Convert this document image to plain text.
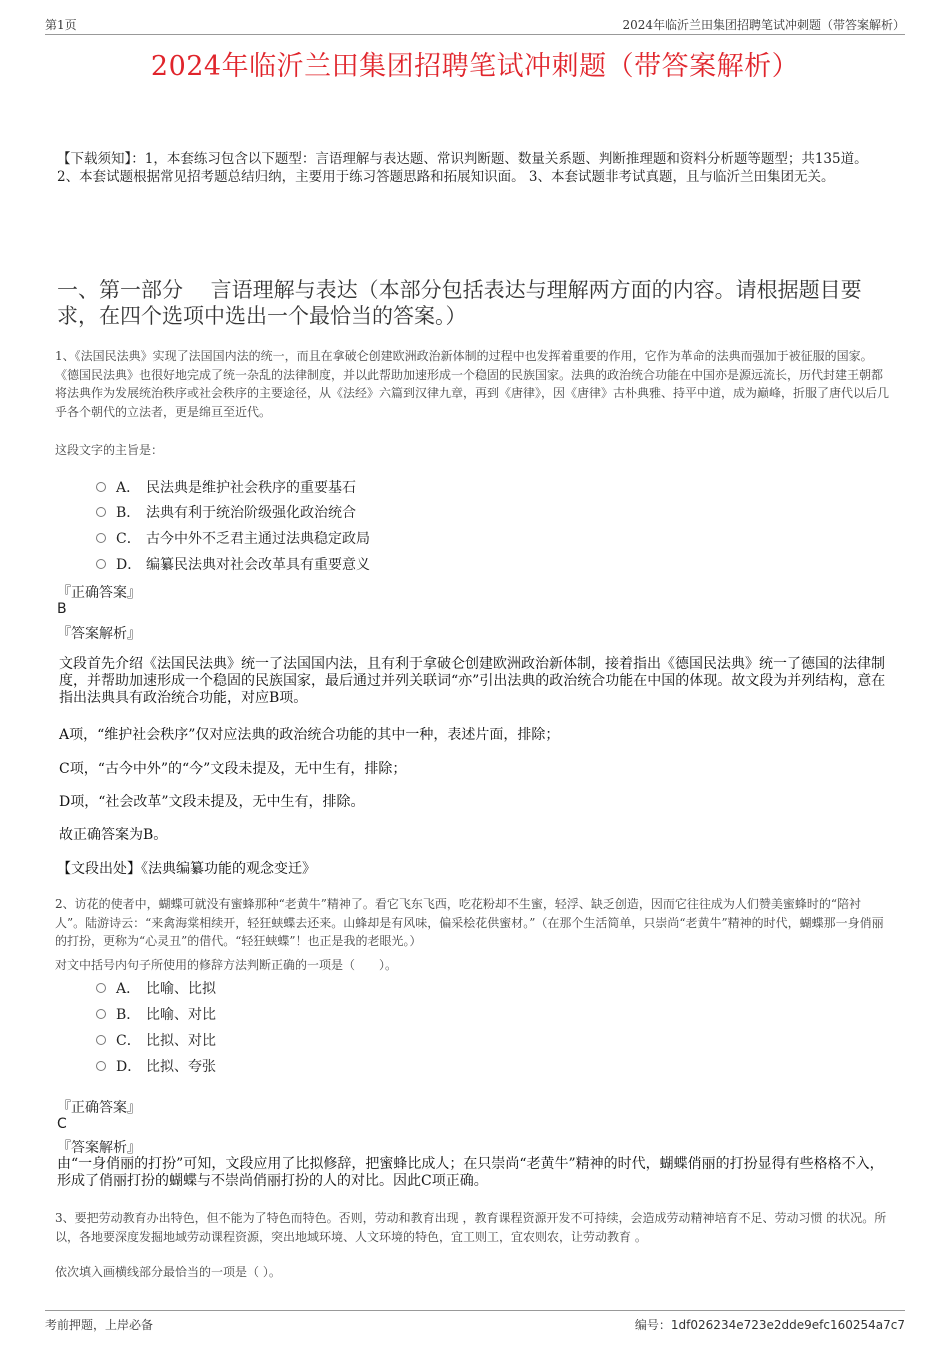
第1页	2024年临沂兰田集团招聘笔试冲刺题（带答案解析）
2024年临沂兰田集团招聘笔试冲刺题（带答案解析）
【下载须知】：1，本套练习包含以下题型：言语理解与表达题、常识判断题、数量关系题、判断推理题和资料分析题等题型；共135道。 2、本套试题根据常见招考题总结归纳，主要用于练习答题思路和拓展知识面。 3、本套试题非考试真题，且与临沂兰田集团无关。
一、第一部分　 言语理解与表达（本部分包括表达与理解两方面的内容。请根据题目要求，在四个选项中选出一个最恰当的答案。）
1、《法国民法典》实现了法国国内法的统一，而且在拿破仑创建欧洲政治新体制的过程中也发挥着重要的作用，它作为革命的法典而强加于被征服的国家。《德国民法典》也很好地完成了统一杂乱的法律制度，并以此帮助加速形成一个稳固的民族国家。法典的政治统合功能在中国亦是源远流长，历代封建王朝都将法典作为发展统治秩序或社会秩序的主要途径，从《法经》六篇到汉律九章，再到《唐律》，因《唐律》古朴典雅、持平中道，成为巅峰，折服了唐代以后几乎各个朝代的立法者，更是绵亘至近代。
这段文字的主旨是：
A． 民法典是维护社会秩序的重要基石
B． 法典有利于统治阶级强化政治统合
C． 古今中外不乏君主通过法典稳定政局
D． 编纂民法典对社会改革具有重要意义
『正确答案』
B
『答案解析』
文段首先介绍《法国民法典》统一了法国国内法，且有利于拿破仑创建欧洲政治新体制，接着指出《德国民法典》统一了德国的法律制度，并帮助加速形成一个稳固的民族国家，最后通过并列关联词“亦”引出法典的政治统合功能在中国的体现。故文段为并列结构，意在指出法典具有政治统合功能，对应B项。
A项，“维护社会秩序”仅对应法典的政治统合功能的其中一种，表述片面，排除；
C项，“古今中外”的“今”文段未提及，无中生有，排除；
D项，“社会改革”文段未提及，无中生有，排除。
故正确答案为B。
【文段出处】《法典编纂功能的观念变迁》
2、访花的使者中，蝴蝶可就没有蜜蜂那种“老黄牛”精神了。看它飞东飞西，吃花粉却不生蜜，轻浮、缺乏创造，因而它往往成为人们赞美蜜蜂时的“陪衬人”。陆游诗云：“来禽海棠相续开，轻狂蛱蝶去还来。山蜂却是有风味，偏采桧花供蜜材。”（在那个生活简单，只崇尚“老黄牛”精神的时代，蝴蝶那一身俏丽的打扮，更称为“心灵丑”的借代。“轻狂蛱蝶”！也正是我的老眼光。）
对文中括号内句子所使用的修辞方法判断正确的一项是（　　）。
A． 比喻、比拟
B． 比喻、对比
C． 比拟、对比
D． 比拟、夸张
『正确答案』
C
『答案解析』
由“一身俏丽的打扮”可知，文段应用了比拟修辞，把蜜蜂比成人；在只崇尚“老黄牛”精神的时代，蝴蝶俏丽的打扮显得有些格格不入，形成了俏丽打扮的蝴蝶与不崇尚俏丽打扮的人的对比。因此C项正确。
3、要把劳动教育办出特色，但不能为了特色而特色。否则，劳动和教育出现 ，教育课程资源开发不可持续，会造成劳动精神培育不足、劳动习惯 的状况。所以，各地要深度发掘地域劳动课程资源，突出地域环境、人文环境的特色，宜工则工，宜农则农，让劳动教育 。
依次填入画横线部分最恰当的一项是（ ）。
考前押题，上岸必备	编号：1df026234e723e2dde9efc160254a7c7
